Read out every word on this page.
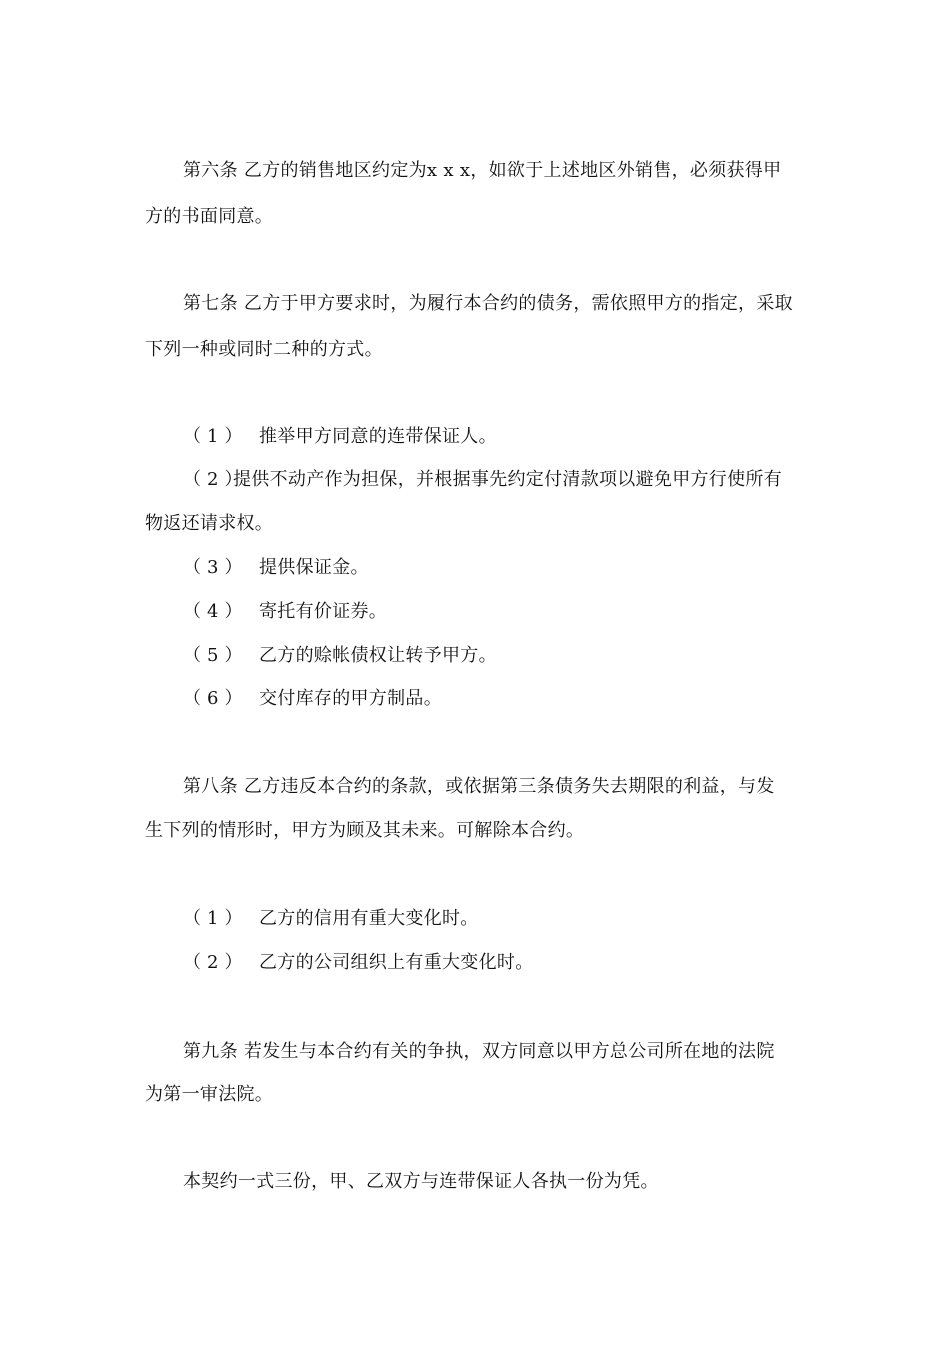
第六条 乙方的销售地区约定为x x x，如欲于上述地区外销售，必须获得甲
方的书面同意。
第七条 乙方于甲方要求时，为履行本合约的债务，需依照甲方的指定，采取
下列一种或同时二种的方式。
（1） 推举甲方同意的连带保证人。
（2）提供不动产作为担保，并根据事先约定付清款项以避免甲方行使所有
物返还请求权。
（3） 提供保证金。
（4） 寄托有价证券。
（5） 乙方的赊帐债权让转予甲方。
（6） 交付库存的甲方制品。
第八条 乙方违反本合约的条款，或依据第三条债务失去期限的利益，与发
生下列的情形时，甲方为顾及其未来。可解除本合约。
（1） 乙方的信用有重大变化时。
（2） 乙方的公司组织上有重大变化时。
第九条 若发生与本合约有关的争执，双方同意以甲方总公司所在地的法院
为第一审法院。
本契约一式三份，甲、乙双方与连带保证人各执一份为凭。
